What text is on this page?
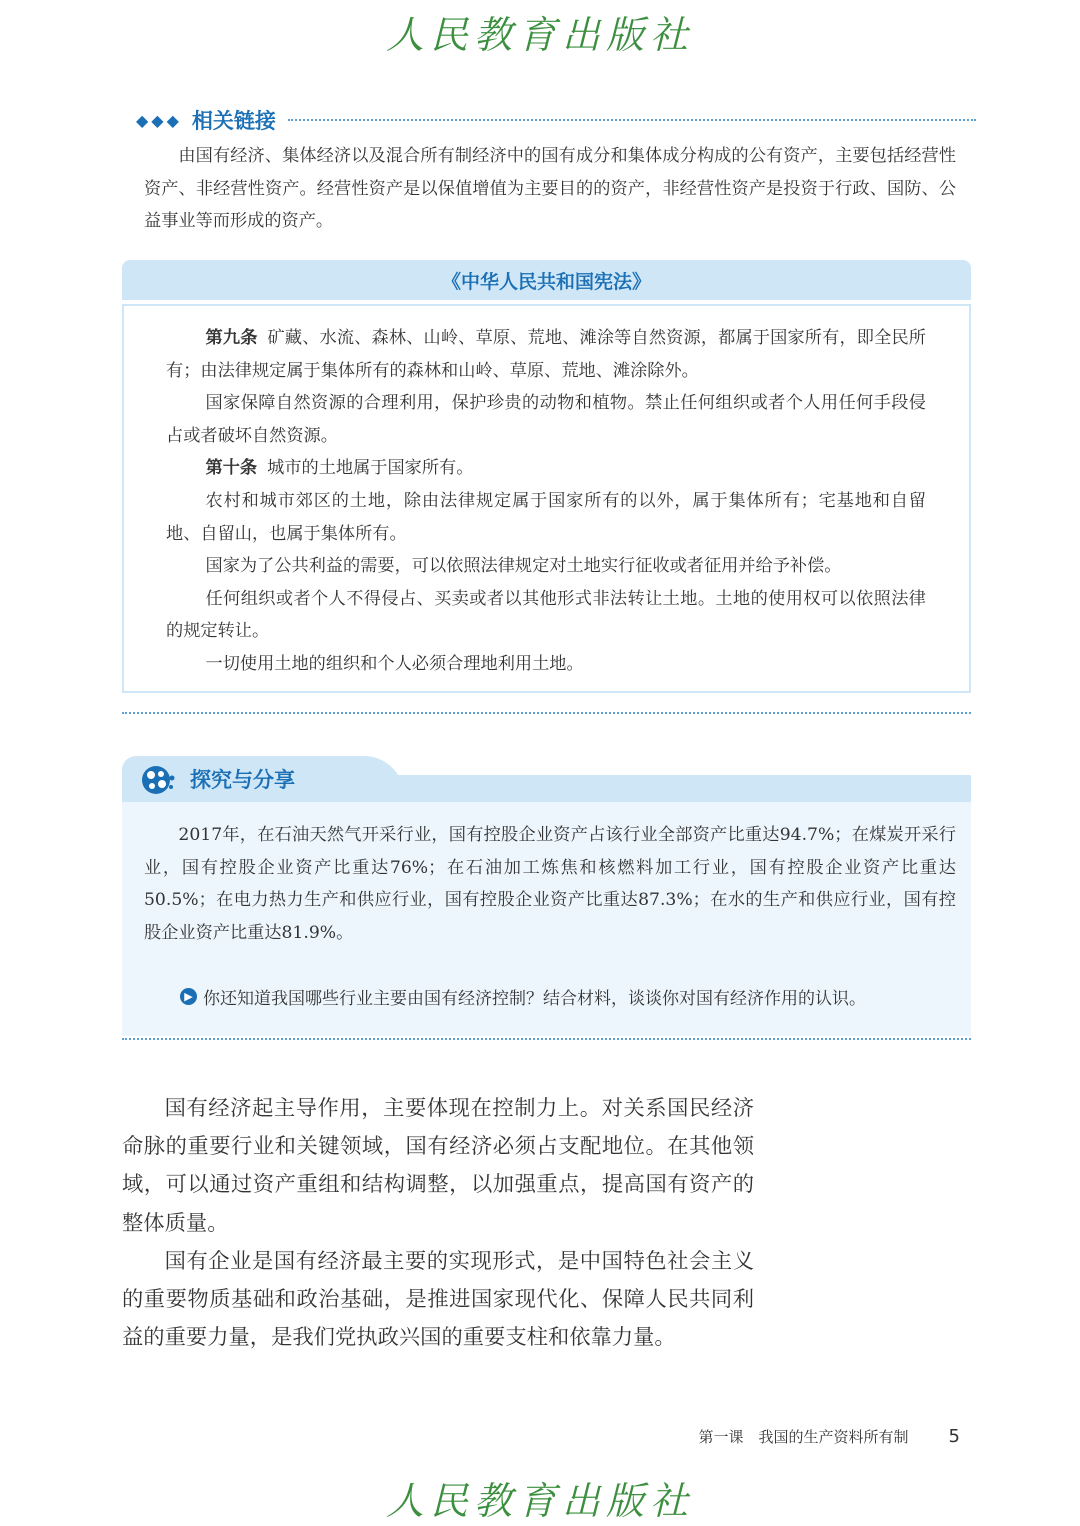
人民教育出版社
◆◆◆ 相关链接
由国有经济、集体经济以及混合所有制经济中的国有成分和集体成分构成的公有资产，主要包括经营性资产、非经营性资产。经营性资产是以保值增值为主要目的的资产，非经营性资产是投资于行政、国防、公益事业等而形成的资产。
《中华人民共和国宪法》

第九条 矿藏、水流、森林、山岭、草原、荒地、滩涂等自然资源，都属于国家所有，即全民所有；由法律规定属于集体所有的森林和山岭、草原、荒地、滩涂除外。

国家保障自然资源的合理利用，保护珍贵的动物和植物。禁止任何组织或者个人用任何手段侵占或者破坏自然资源。

第十条 城市的土地属于国家所有。

农村和城市郊区的土地，除由法律规定属于国家所有的以外，属于集体所有；宅基地和自留地、自留山，也属于集体所有。

国家为了公共利益的需要，可以依照法律规定对土地实行征收或者征用并给予补偿。

任何组织或者个人不得侵占、买卖或者以其他形式非法转让土地。土地的使用权可以依照法律的规定转让。

一切使用土地的组织和个人必须合理地利用土地。

探究与分享
2017年，在石油天然气开采行业，国有控股企业资产占该行业全部资产比重达94.7%；在煤炭开采行业，国有控股企业资产比重达76%；在石油加工炼焦和核燃料加工行业，国有控股企业资产比重达50.5%；在电力热力生产和供应行业，国有控股企业资产比重达87.3%；在水的生产和供应行业，国有控股企业资产比重达81.9%。
▶ 你还知道我国哪些行业主要由国有经济控制？结合材料，谈谈你对国有经济作用的认识。

国有经济起主导作用，主要体现在控制力上。对关系国民经济命脉的重要行业和关键领域，国有经济必须占支配地位。在其他领域，可以通过资产重组和结构调整，以加强重点，提高国有资产的整体质量。

国有企业是国有经济最主要的实现形式，是中国特色社会主义的重要物质基础和政治基础，是推进国家现代化、保障人民共同利益的重要力量，是我们党执政兴国的重要支柱和依靠力量。

第一课　我国的生产资料所有制 5
人民教育出版社
